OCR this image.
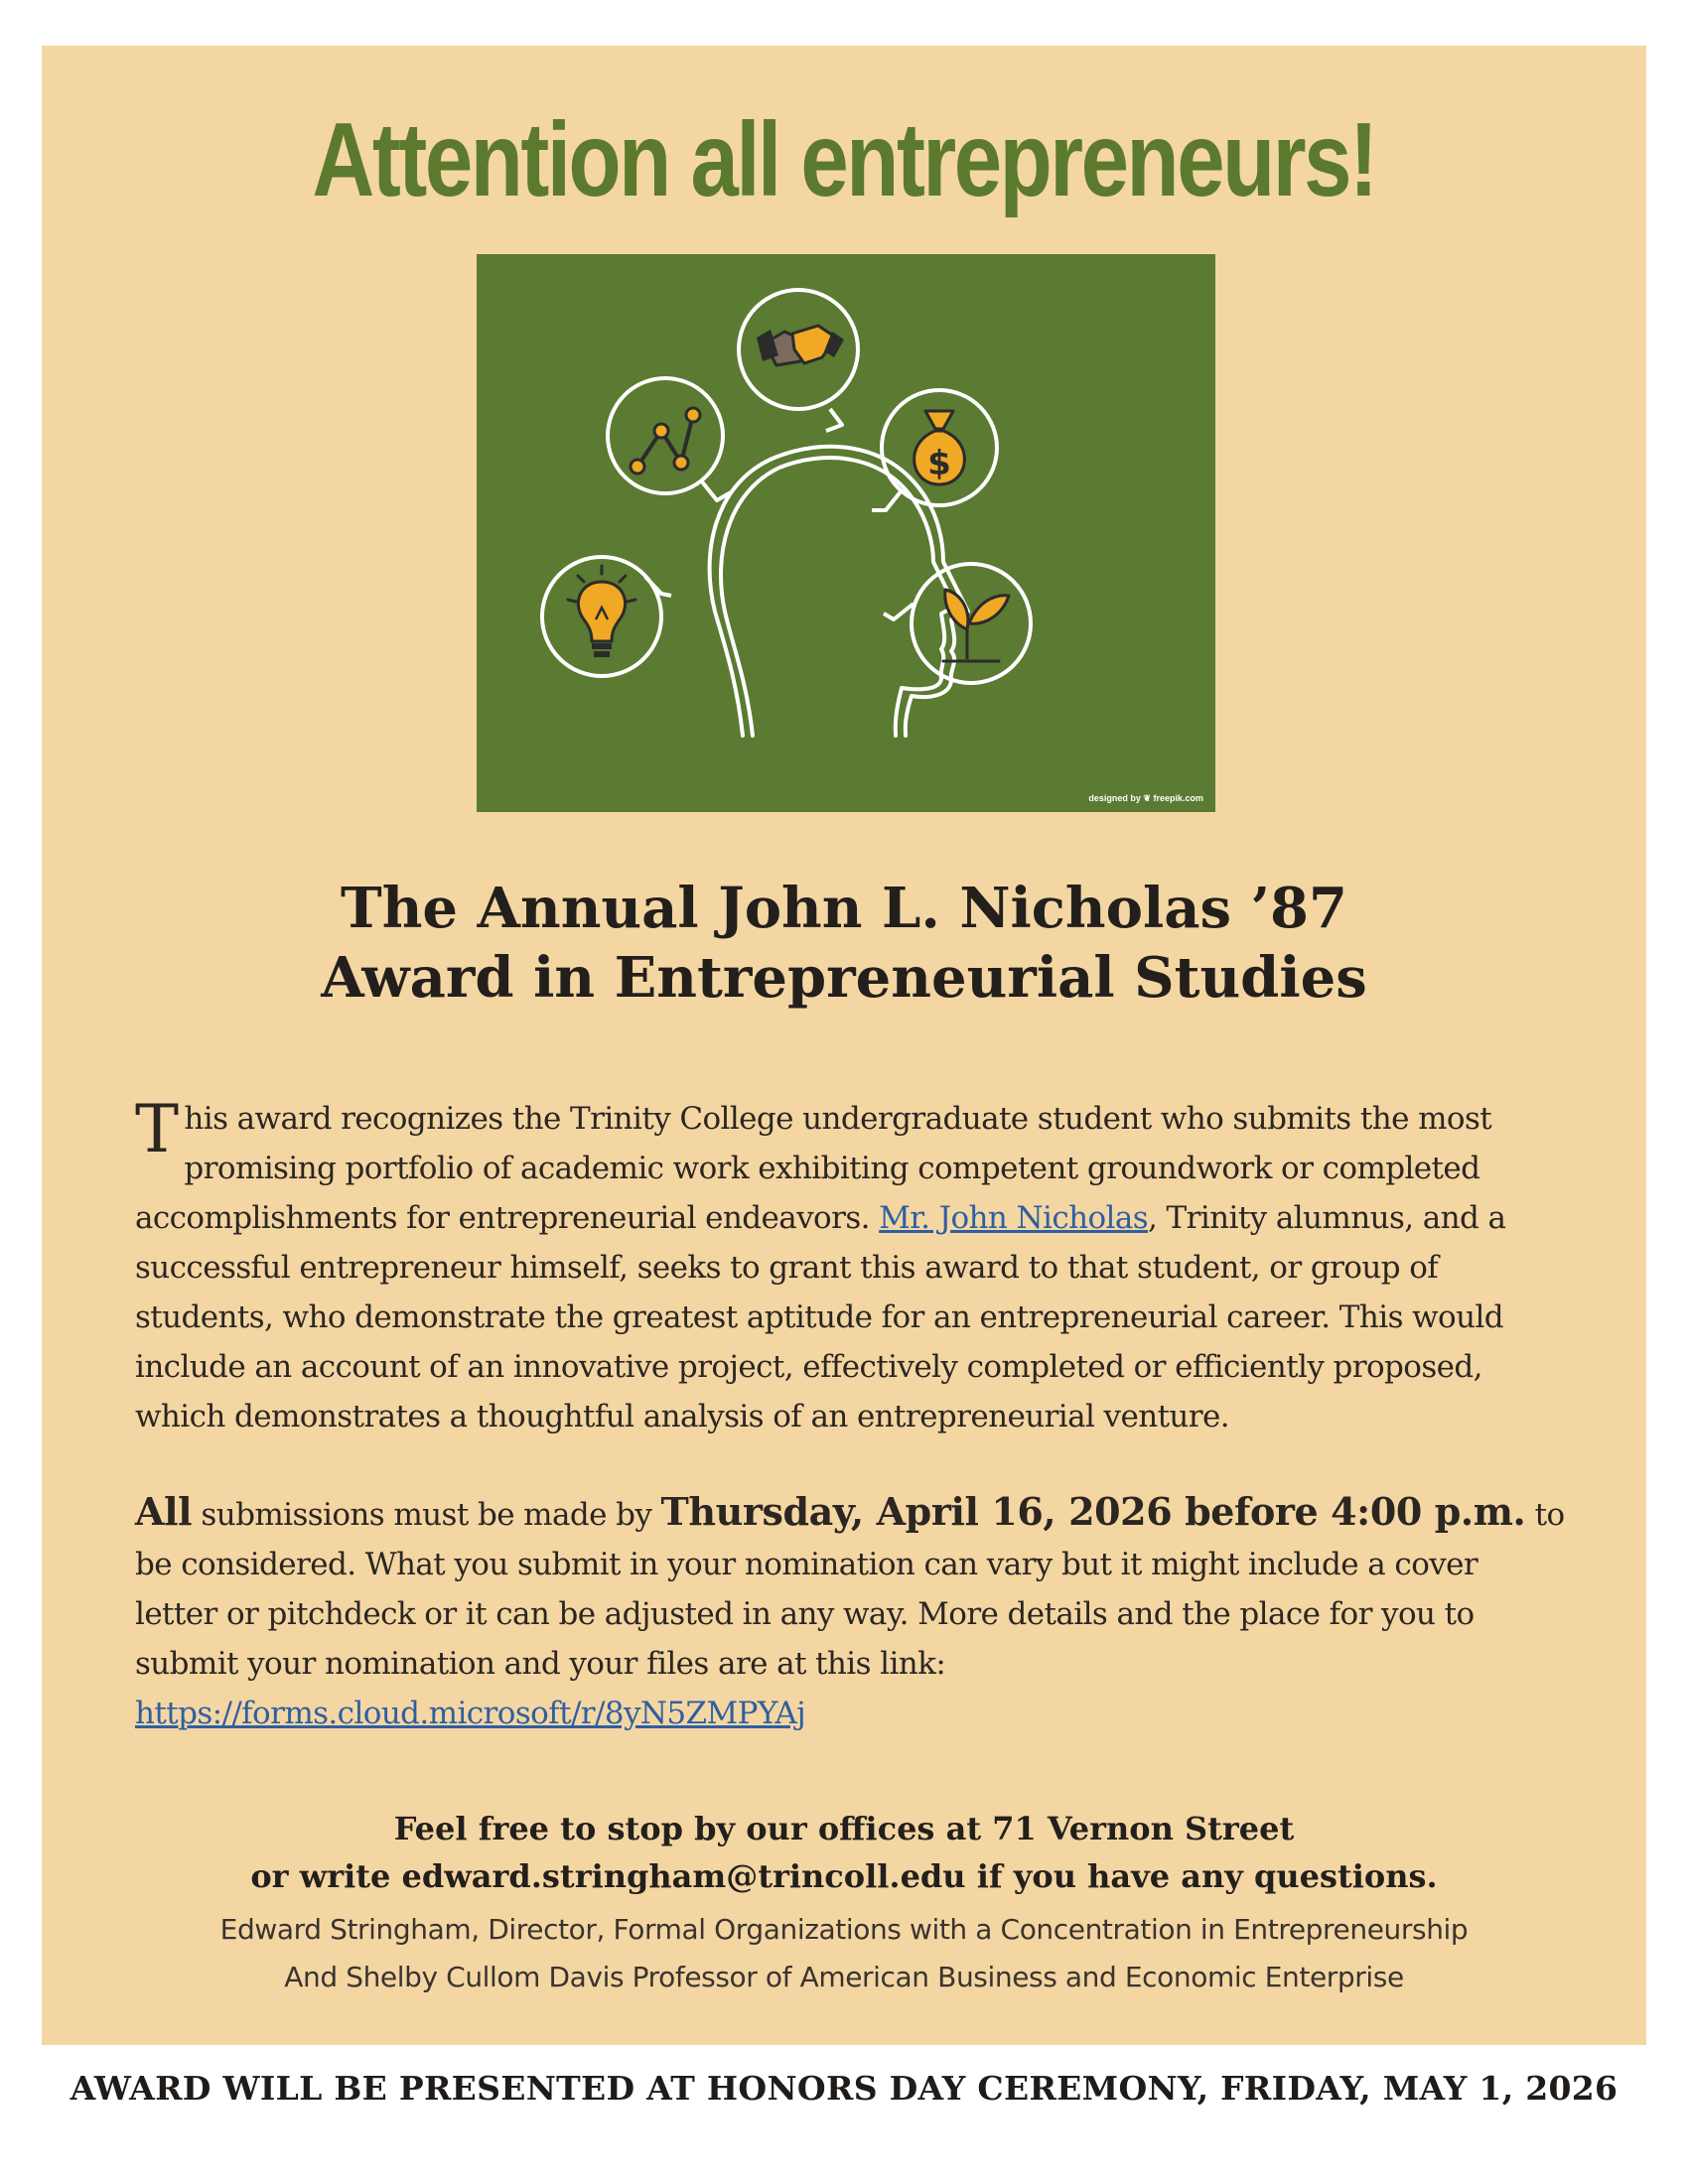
Attention all entrepreneurs!
$
designed by ❦ freepik.com
The Annual John L. Nicholas ’87
Award in Entrepreneurial Studies
This award recognizes the Trinity College undergraduate student who submits the most promising portfolio of academic work exhibiting competent groundwork or completed accomplishments for entrepreneurial endeavors. Mr. John Nicholas, Trinity alumnus, and a successful entrepreneur himself, seeks to grant this award to that student, or group of students, who demonstrate the greatest aptitude for an entrepreneurial career. This would include an account of an innovative project, effectively completed or efficiently proposed, which demonstrates a thoughtful analysis of an entrepreneurial venture.
All submissions must be made by Thursday, April 16, 2026 before 4:00 p.m. to be considered. What you submit in your nomination can vary but it might include a cover letter or pitchdeck or it can be adjusted in any way. More details and the place for you to submit your nomination and your files are at this link: https://forms.cloud.microsoft/r/8yN5ZMPYAj
Feel free to stop by our offices at 71 Vernon Street
or write edward.stringham@trincoll.edu if you have any questions.
Edward Stringham, Director, Formal Organizations with a Concentration in Entrepreneurship
And Shelby Cullom Davis Professor of American Business and Economic Enterprise
AWARD WILL BE PRESENTED AT HONORS DAY CEREMONY, FRIDAY, MAY 1, 2026
